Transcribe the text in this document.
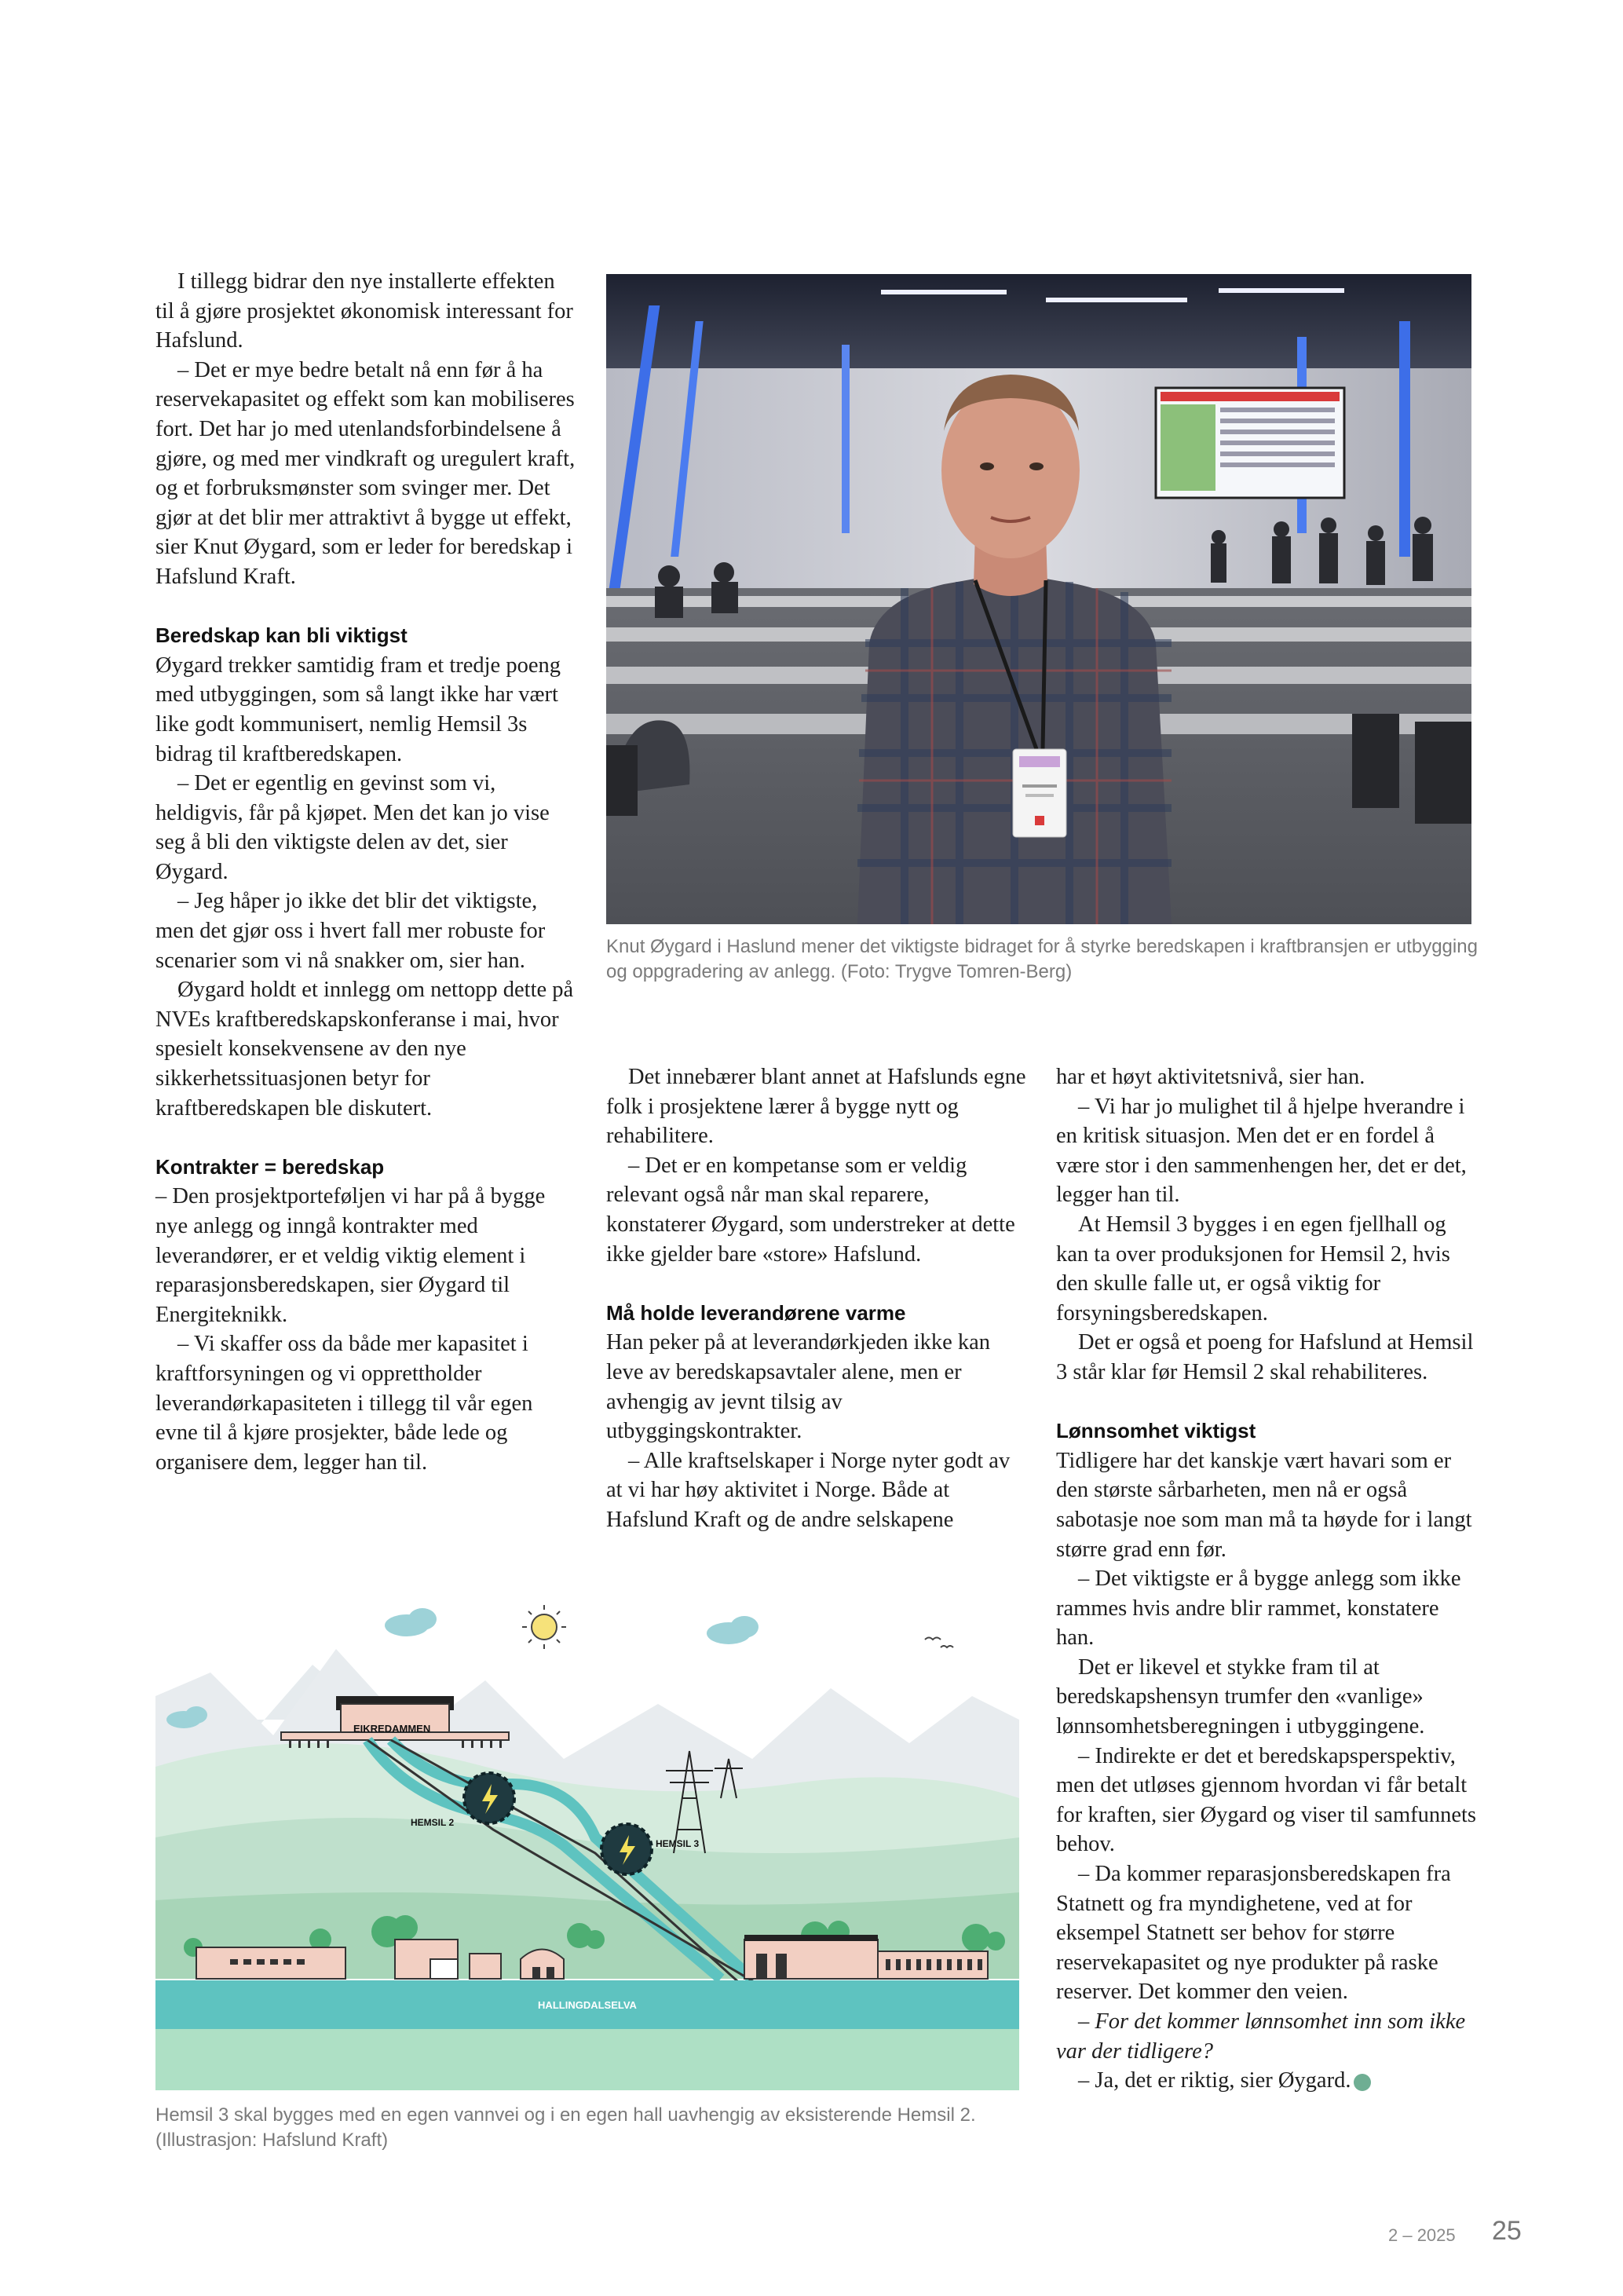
I tillegg bidrar den nye installerte effekten til å gjøre prosjektet økonomisk interessant for Hafslund.

– Det er mye bedre betalt nå enn før å ha reservekapasitet og effekt som kan mobiliseres fort. Det har jo med utenlandsforbindelsene å gjøre, og med mer vindkraft og uregulert kraft, og et forbruksmønster som svinger mer. Det gjør at det blir mer attraktivt å bygge ut effekt, sier Knut Øygard, som er leder for beredskap i Hafslund Kraft.

Beredskap kan bli viktigst

Øygard trekker samtidig fram et tredje poeng med utbyggingen, som så langt ikke har vært like godt kommunisert, nemlig Hemsil 3s bidrag til kraftberedskapen.

– Det er egentlig en gevinst som vi, heldigvis, får på kjøpet. Men det kan jo vise seg å bli den viktigste delen av det, sier Øygard.

– Jeg håper jo ikke det blir det viktigste, men det gjør oss i hvert fall mer robuste for scenarier som vi nå snakker om, sier han.

Øygard holdt et innlegg om nettopp dette på NVEs kraftberedskapskonferanse i mai, hvor spesielt konsekvensene av den nye sikkerhetssituasjonen betyr for kraftberedskapen ble diskutert.

Kontrakter = beredskap

– Den prosjektporteføljen vi har på å bygge nye anlegg og inngå kontrakter med leverandører, er et veldig viktig element i reparasjonsberedskapen, sier Øygard til Energiteknikk.

– Vi skaffer oss da både mer kapasitet i kraftforsyningen og vi opprettholder leverandørkapasiteten i tillegg til vår egen evne til å kjøre prosjekter, både lede og organisere dem, legger han til.

Knut Øygard i Haslund mener det viktigste bidraget for å styrke beredskapen i kraftbransjen er utbygging og oppgradering av anlegg. (Foto: Trygve Tomren-Berg)

Det innebærer blant annet at Hafslunds egne folk i prosjektene lærer å bygge nytt og rehabilitere.

– Det er en kompetanse som er veldig relevant også når man skal reparere, konstaterer Øygard, som understreker at dette ikke gjelder bare «store» Hafslund.

Må holde leverandørene varme

Han peker på at leverandørkjeden ikke kan leve av beredskapsavtaler alene, men er avhengig av jevnt tilsig av utbyggingskontrakter.

– Alle kraftselskaper i Norge nyter godt av at vi har høy aktivitet i Norge. Både at Hafslund Kraft og de andre selskapene

har et høyt aktivitetsnivå, sier han.

– Vi har jo mulighet til å hjelpe hverandre i en kritisk situasjon. Men det er en fordel å være stor i den sammenhengen her, det er det, legger han til.

At Hemsil 3 bygges i en egen fjellhall og kan ta over produksjonen for Hemsil 2, hvis den skulle falle ut, er også viktig for forsyningsberedskapen.

Det er også et poeng for Hafslund at Hemsil 3 står klar før Hemsil 2 skal rehabiliteres.

Lønnsomhet viktigst

Tidligere har det kanskje vært havari som er den største sårbarheten, men nå er også sabotasje noe som man må ta høyde for i langt større grad enn før.

– Det viktigste er å bygge anlegg som ikke rammes hvis andre blir rammet, konstatere han.

Det er likevel et stykke fram til at beredskapshensyn trumfer den «vanlige» lønnsomhetsberegningen i utbyggingene.

– Indirekte er det et beredskapsperspektiv, men det utløses gjennom hvordan vi får betalt for kraften, sier Øygard og viser til samfunnets behov.

– Da kommer reparasjonsberedskapen fra Statnett og fra myndighetene, ved at for eksempel Statnett ser behov for større reservekapasitet og nye produkter på raske reserver. Det kommer den veien.

– For det kommer lønnsomhet inn som ikke var der tidligere?

– Ja, det er riktig, sier Øygard. e

EIKREDAMMEN
HEMSIL 2
HEMSIL 3
HALLINGDALSELVA
Hemsil 3 skal bygges med en egen vannvei og i en egen hall uavhengig av eksisterende Hemsil 2. (Illustrasjon: Hafslund Kraft)
2 – 2025 25
